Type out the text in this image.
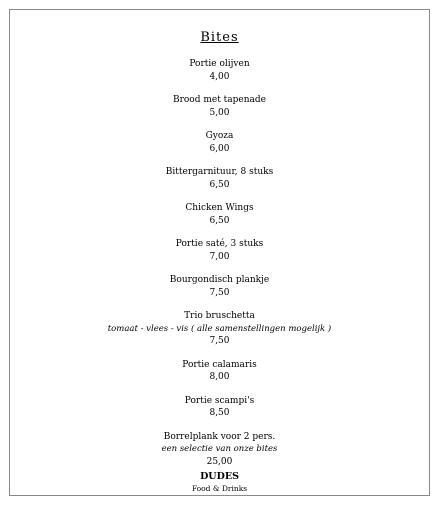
Bites
Portie olijven
4,00
Brood met tapenade
5,00
Gyoza
6,00
Bittergarnituur, 8 stuks
6,50
Chicken Wings
6,50
Portie saté, 3 stuks
7,00
Bourgondisch plankje
7,50
Trio bruschetta
tomaat - vlees - vis ( alle samenstellingen mogelijk )
7,50
Portie calamaris
8,00
Portie scampi's
8,50
Borrelplank voor 2 pers.
een selectie van onze bites
25,00
DUDES
Food & Drinks
